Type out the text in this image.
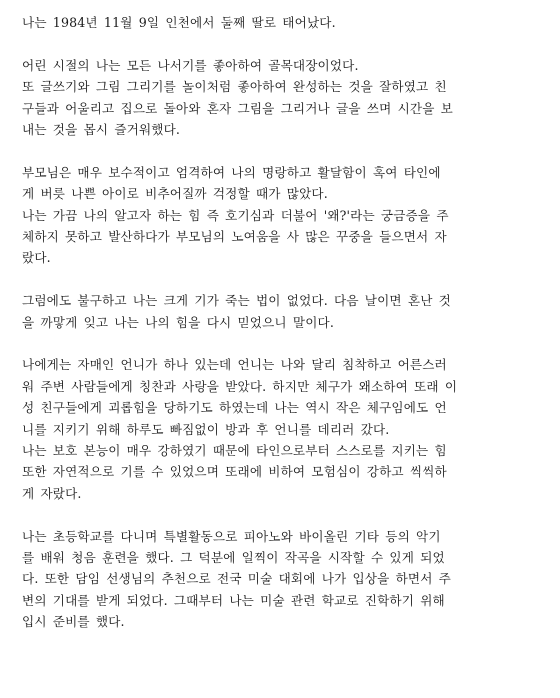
나는 1984년 11월 9일 인천에서 둘째 딸로 태어났다.
어린 시절의 나는 모든 나서기를 좋아하여 골목대장이었다.
또 글쓰기와 그림 그리기를 놀이처럼 좋아하여 완성하는 것을 잘하였고 친
구들과 어울리고 집으로 돌아와 혼자 그림을 그리거나 글을 쓰며 시간을 보
내는 것을 몹시 즐거워했다.
부모님은 매우 보수적이고 엄격하여 나의 명랑하고 활달함이 혹여 타인에
게 버릇 나쁜 아이로 비추어질까 걱정할 때가 많았다.
나는 가끔 나의 알고자 하는 힘 즉 호기심과 더불어 '왜?'라는 궁금증을 주
체하지 못하고 발산하다가 부모님의 노여움을 사 많은 꾸중을 들으면서 자
랐다.
그럼에도 불구하고 나는 크게 기가 죽는 법이 없었다. 다음 날이면 혼난 것
을 까맣게 잊고 나는 나의 힘을 다시 믿었으니 말이다.
나에게는 자매인 언니가 하나 있는데 언니는 나와 달리 침착하고 어른스러
워 주변 사람들에게 칭찬과 사랑을 받았다. 하지만 체구가 왜소하여 또래 이
성 친구들에게 괴롭힘을 당하기도 하였는데 나는 역시 작은 체구임에도 언
니를 지키기 위해 하루도 빠짐없이 방과 후 언니를 데리러 갔다.
나는 보호 본능이 매우 강하였기 때문에 타인으로부터 스스로를 지키는 힘
또한 자연적으로 기를 수 있었으며 또래에 비하여 모험심이 강하고 씩씩하
게 자랐다.
나는 초등학교를 다니며 특별활동으로 피아노와 바이올린 기타 등의 악기
를 배워 청음 훈련을 했다. 그 덕분에 일찍이 작곡을 시작할 수 있게 되었
다. 또한 담임 선생님의 추천으로 전국 미술 대회에 나가 입상을 하면서 주
변의 기대를 받게 되었다. 그때부터 나는 미술 관련 학교로 진학하기 위해
입시 준비를 했다.
